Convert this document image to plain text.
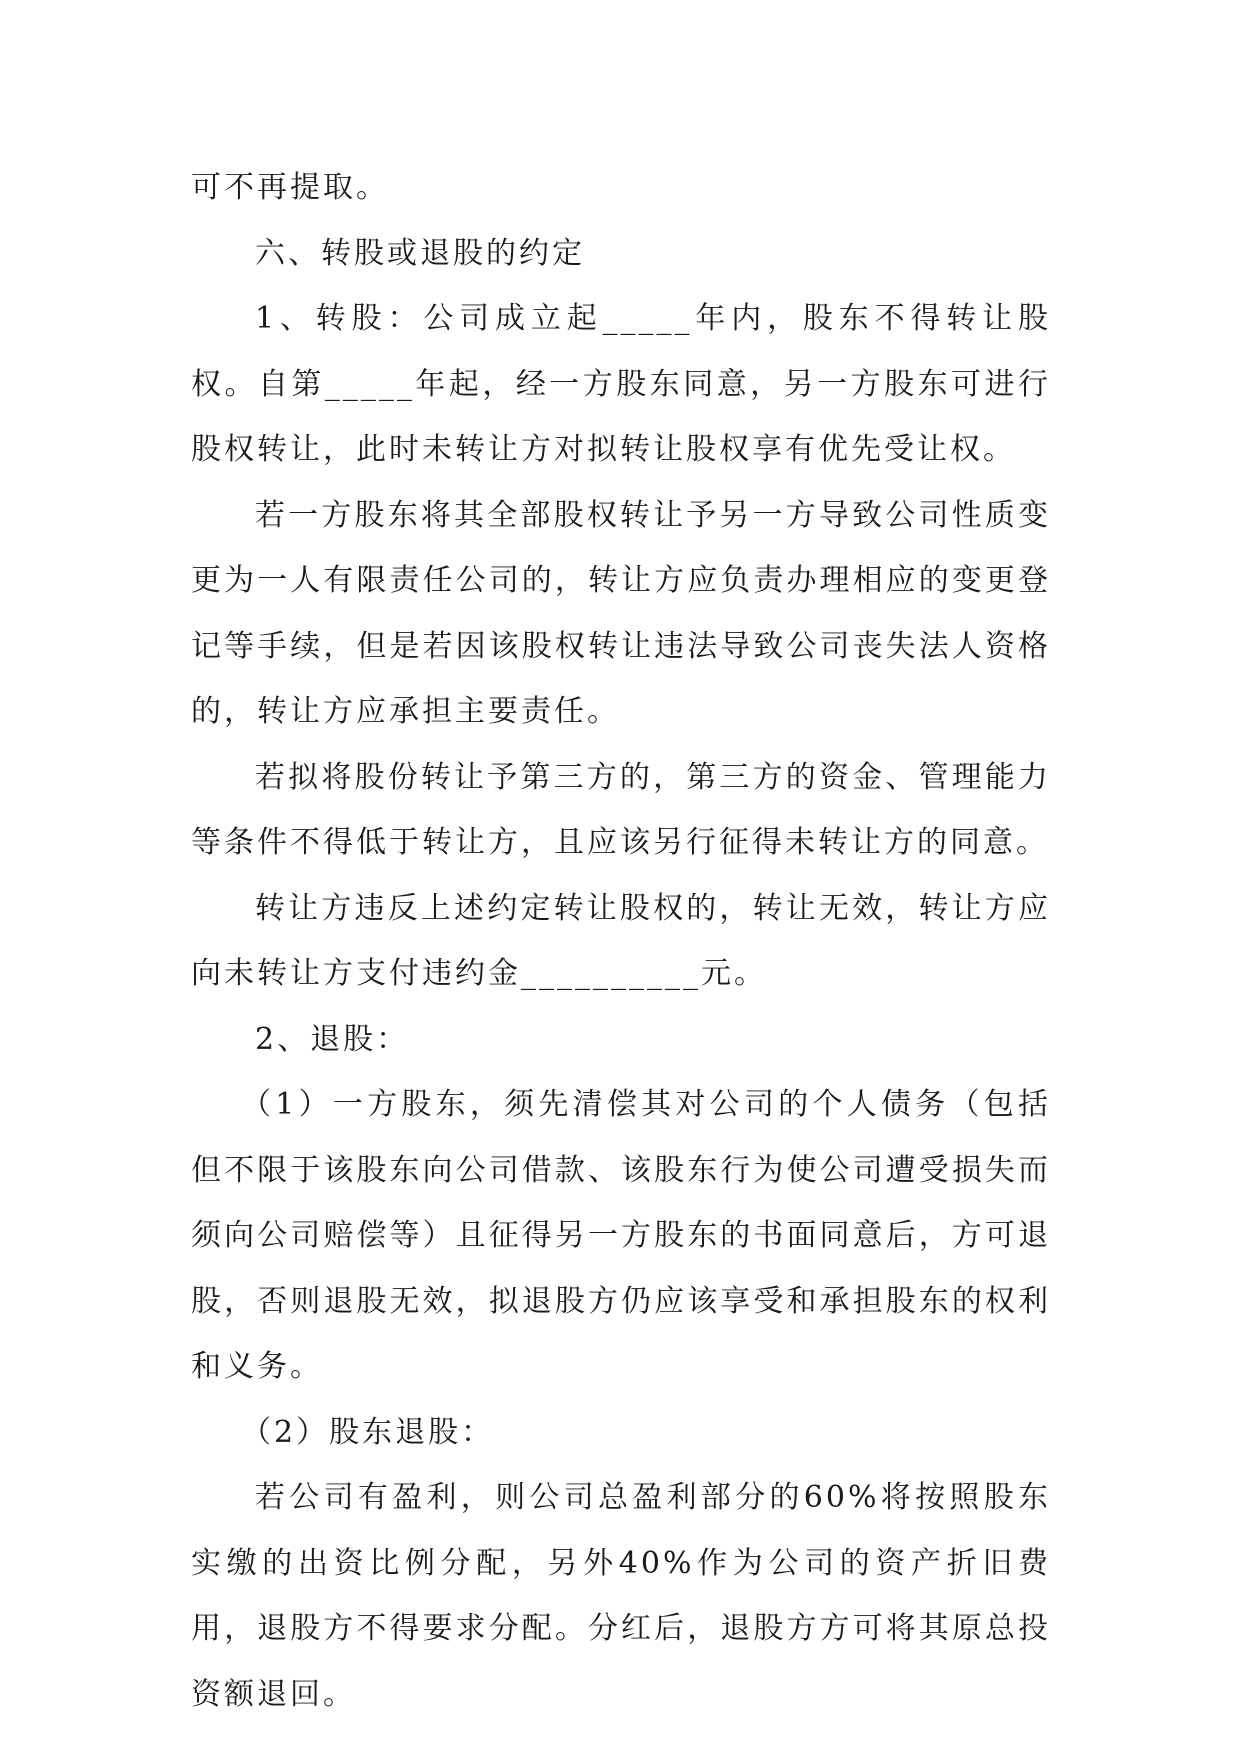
可不再提取。

六、转股或退股的约定

1、转股：公司成立起_____年内，股东不得转让股权。自第_____年起，经一方股东同意，另一方股东可进行股权转让，此时未转让方对拟转让股权享有优先受让权。

若一方股东将其全部股权转让予另一方导致公司性质变更为一人有限责任公司的，转让方应负责办理相应的变更登记等手续，但是若因该股权转让违法导致公司丧失法人资格的，转让方应承担主要责任。

若拟将股份转让予第三方的，第三方的资金、管理能力等条件不得低于转让方，且应该另行征得未转让方的同意。

转让方违反上述约定转让股权的，转让无效，转让方应向未转让方支付违约金__________元。

2、退股：

（1）一方股东，须先清偿其对公司的个人债务（包括但不限于该股东向公司借款、该股东行为使公司遭受损失而须向公司赔偿等）且征得另一方股东的书面同意后，方可退股，否则退股无效，拟退股方仍应该享受和承担股东的权利和义务。

（2）股东退股：

若公司有盈利，则公司总盈利部分的60%将按照股东实缴的出资比例分配，另外40%作为公司的资产折旧费用，退股方不得要求分配。分红后，退股方方可将其原总投资额退回。
